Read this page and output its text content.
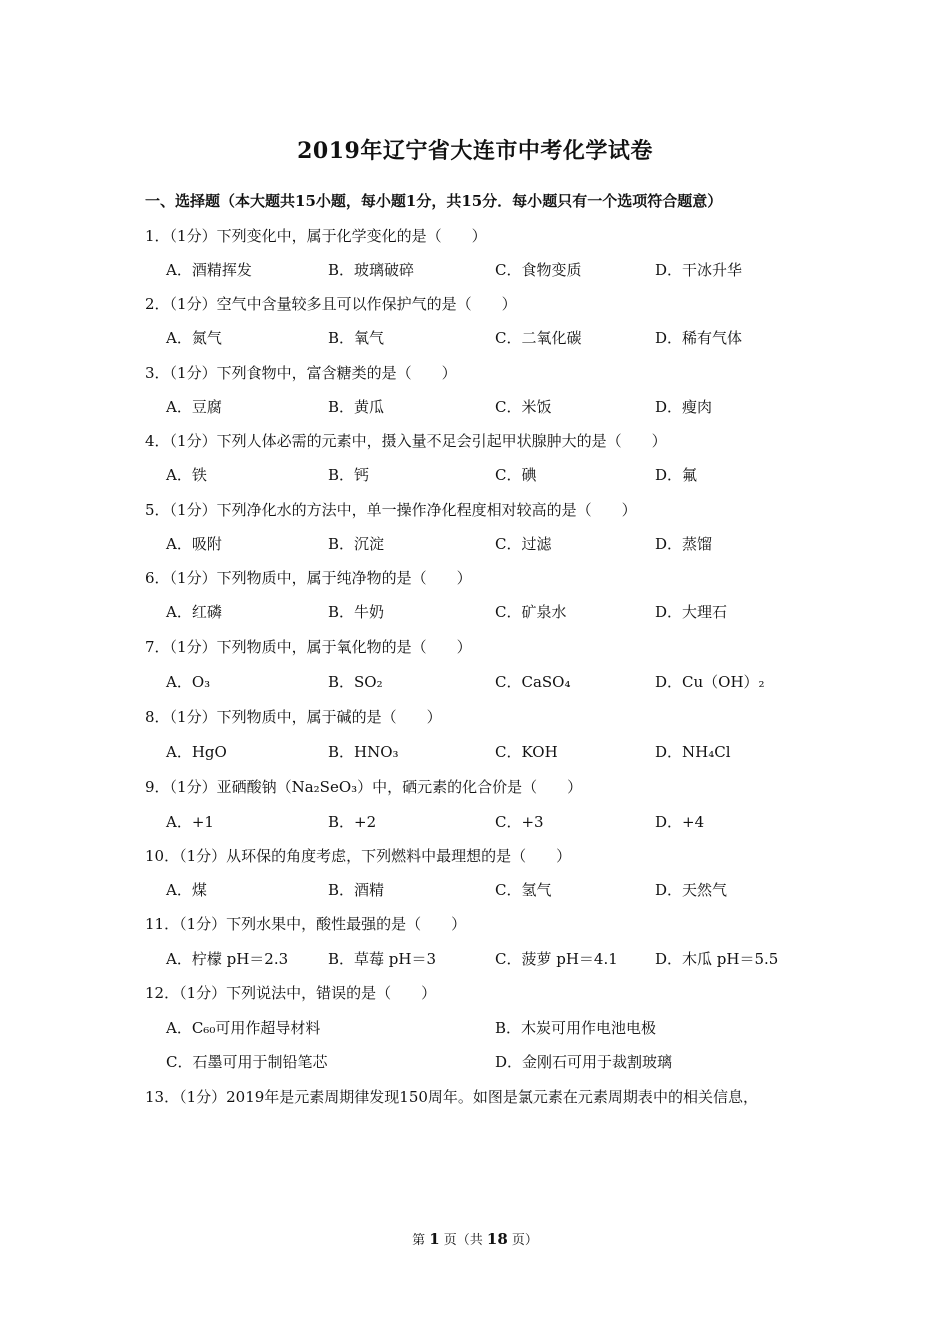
2019年辽宁省大连市中考化学试卷
一、选择题（本大题共15小题，每小题1分，共15分．每小题只有一个选项符合题意）
1．（1分）下列变化中，属于化学变化的是（　　）
A．酒精挥发	B．玻璃破碎	C．食物变质	D．干冰升华
2．（1分）空气中含量较多且可以作保护气的是（　　）
A．氮气	B．氧气	C．二氧化碳	D．稀有气体
3．（1分）下列食物中，富含糖类的是（　　）
A．豆腐	B．黄瓜	C．米饭	D．瘦肉
4．（1分）下列人体必需的元素中，摄入量不足会引起甲状腺肿大的是（　　）
A．铁	B．钙	C．碘	D．氟
5．（1分）下列净化水的方法中，单一操作净化程度相对较高的是（　　）
A．吸附	B．沉淀	C．过滤	D．蒸馏
6．（1分）下列物质中，属于纯净物的是（　　）
A．红磷	B．牛奶	C．矿泉水	D．大理石
7．（1分）下列物质中，属于氧化物的是（　　）
A．O₃	B．SO₂	C．CaSO₄	D．Cu（OH）₂
8．（1分）下列物质中，属于碱的是（　　）
A．HgO	B．HNO₃	C．KOH	D．NH₄Cl
9．（1分）亚硒酸钠（Na₂SeO₃）中，硒元素的化合价是（　　）
A．+1	B．+2	C．+3	D．+4
10．（1分）从环保的角度考虑，下列燃料中最理想的是（　　）
A．煤	B．酒精	C．氢气	D．天然气
11．（1分）下列水果中，酸性最强的是（　　）
A．柠檬 pH＝2.3	B．草莓 pH＝3	C．菠萝 pH＝4.1 D．木瓜 pH＝5.5
12．（1分）下列说法中，错误的是（　　）
A．C₆₀可用作超导材料	B．木炭可用作电池电极
C．石墨可用于制铅笔芯	D．金刚石可用于裁割玻璃
13．（1分）2019年是元素周期律发现150周年。如图是氯元素在元素周期表中的相关信息，
第 1 页（共 18 页）
